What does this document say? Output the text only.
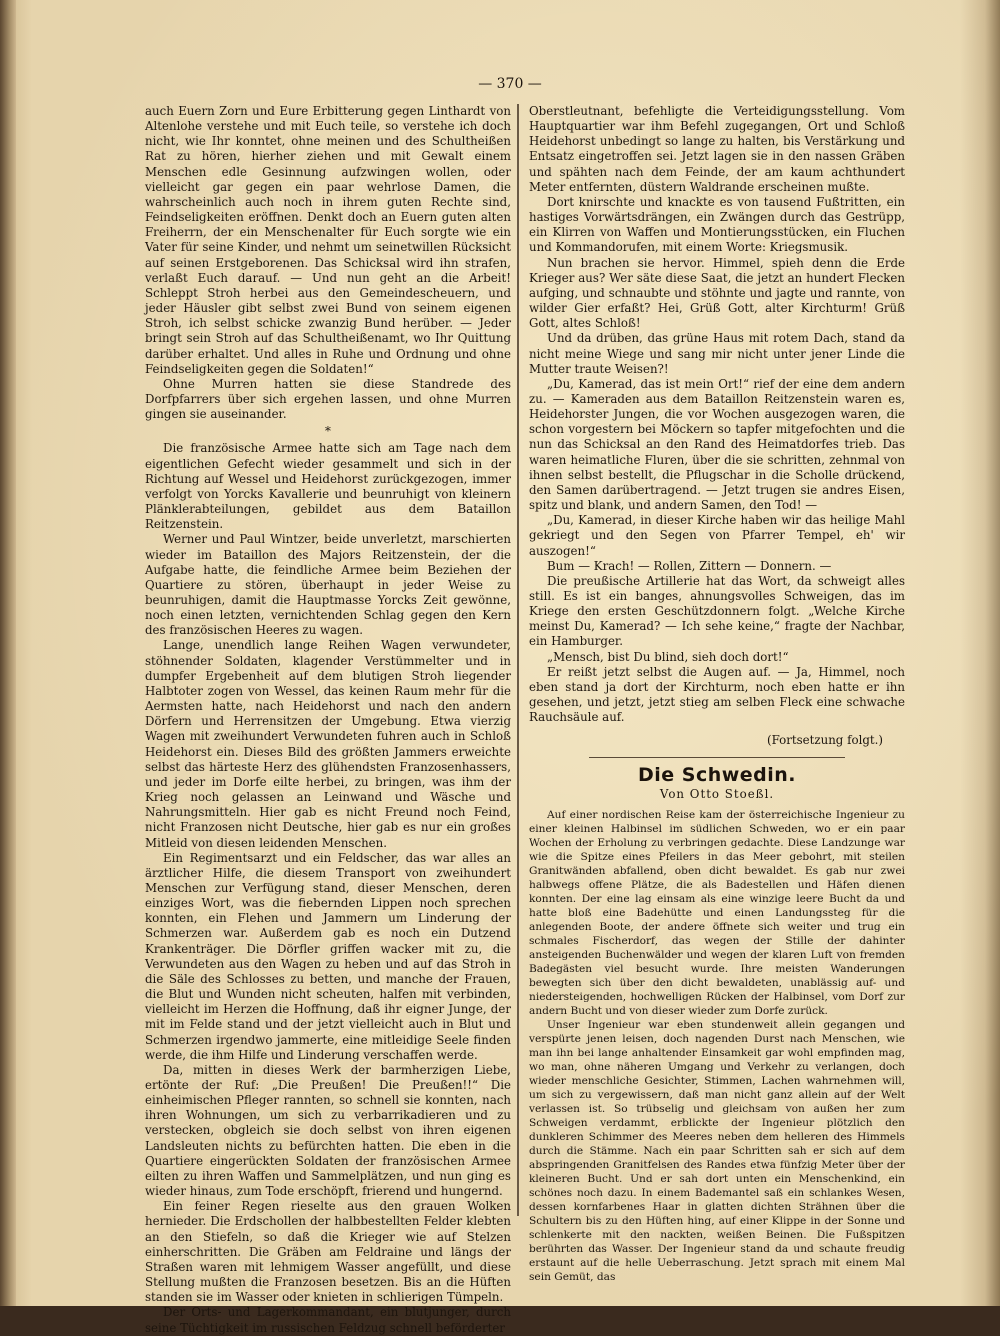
— 370 —

auch Euern Zorn und Eure Erbitterung gegen Linthardt von Altenlohe verstehe und mit Euch teile, so verstehe ich doch nicht, wie Ihr konntet, ohne meinen und des Schultheißen Rat zu hören, hierher ziehen und mit Gewalt einem Menschen edle Gesinnung aufzwingen wollen, oder vielleicht gar gegen ein paar wehrlose Damen, die wahrscheinlich auch noch in ihrem guten Rechte sind, Feindseligkeiten eröffnen. Denkt doch an Euern guten alten Freiherrn, der ein Menschenalter für Euch sorgte wie ein Vater für seine Kinder, und nehmt um seinetwillen Rücksicht auf seinen Erstgeborenen. Das Schicksal wird ihn strafen, verlaßt Euch darauf. — Und nun geht an die Arbeit! Schleppt Stroh herbei aus den Gemeindescheuern, und jeder Häusler gibt selbst zwei Bund von seinem eigenen Stroh, ich selbst schicke zwanzig Bund herüber. — Jeder bringt sein Stroh auf das Schultheißenamt, wo Ihr Quittung darüber erhaltet. Und alles in Ruhe und Ordnung und ohne Feindseligkeiten gegen die Soldaten!“

Ohne Murren hatten sie diese Standrede des Dorfpfarrers über sich ergehen lassen, und ohne Murren gingen sie auseinander.

*

Die französische Armee hatte sich am Tage nach dem eigentlichen Gefecht wieder gesammelt und sich in der Richtung auf Wessel und Heidehorst zurückgezogen, immer verfolgt von Yorcks Kavallerie und beunruhigt von kleinern Plänklerabteilungen, gebildet aus dem Bataillon Reitzenstein.

Werner und Paul Wintzer, beide unverletzt, marschierten wieder im Bataillon des Majors Reitzenstein, der die Aufgabe hatte, die feindliche Armee beim Beziehen der Quartiere zu stören, überhaupt in jeder Weise zu beunruhigen, damit die Hauptmasse Yorcks Zeit gewönne, noch einen letzten, vernichtenden Schlag gegen den Kern des französischen Heeres zu wagen.

Lange, unendlich lange Reihen Wagen verwundeter, stöhnender Soldaten, klagender Verstümmelter und in dumpfer Ergebenheit auf dem blutigen Stroh liegender Halbtoter zogen von Wessel, das keinen Raum mehr für die Aermsten hatte, nach Heidehorst und nach den andern Dörfern und Herrensitzen der Umgebung. Etwa vierzig Wagen mit zweihundert Verwundeten fuhren auch in Schloß Heidehorst ein. Dieses Bild des größten Jammers erweichte selbst das härteste Herz des glühendsten Franzosenhassers, und jeder im Dorfe eilte herbei, zu bringen, was ihm der Krieg noch gelassen an Leinwand und Wäsche und Nahrungsmitteln. Hier gab es nicht Freund noch Feind, nicht Franzosen nicht Deutsche, hier gab es nur ein großes Mitleid von diesen leidenden Menschen.

Ein Regimentsarzt und ein Feldscher, das war alles an ärztlicher Hilfe, die diesem Transport von zweihundert Menschen zur Verfügung stand, dieser Menschen, deren einziges Wort, was die fiebernden Lippen noch sprechen konnten, ein Flehen und Jammern um Linderung der Schmerzen war. Außerdem gab es noch ein Dutzend Krankenträger. Die Dörfler griffen wacker mit zu, die Verwundeten aus den Wagen zu heben und auf das Stroh in die Säle des Schlosses zu betten, und manche der Frauen, die Blut und Wunden nicht scheuten, halfen mit verbinden, vielleicht im Herzen die Hoffnung, daß ihr eigner Junge, der mit im Felde stand und der jetzt vielleicht auch in Blut und Schmerzen irgendwo jammerte, eine mitleidige Seele finden werde, die ihm Hilfe und Linderung verschaffen werde.

Da, mitten in dieses Werk der barmherzigen Liebe, ertönte der Ruf: „Die Preußen! Die Preußen!!“ Die einheimischen Pfleger rannten, so schnell sie konnten, nach ihren Wohnungen, um sich zu verbarrikadieren und zu verstecken, obgleich sie doch selbst von ihren eigenen Landsleuten nichts zu befürchten hatten. Die eben in die Quartiere eingerückten Soldaten der französischen Armee eilten zu ihren Waffen und Sammelplätzen, und nun ging es wieder hinaus, zum Tode erschöpft, frierend und hungernd.

Ein feiner Regen rieselte aus den grauen Wolken hernieder. Die Erdschollen der halbbestellten Felder klebten an den Stiefeln, so daß die Krieger wie auf Stelzen einherschritten. Die Gräben am Feldraine und längs der Straßen waren mit lehmigem Wasser angefüllt, und diese Stellung mußten die Franzosen besetzen. Bis an die Hüften standen sie im Wasser oder knieten in schlierigen Tümpeln.

Der Orts- und Lagerkommandant, ein blutjunger, durch seine Tüchtigkeit im russischen Feldzug schnell beförderter

Oberstleutnant, befehligte die Verteidigungsstellung. Vom Hauptquartier war ihm Befehl zugegangen, Ort und Schloß Heidehorst unbedingt so lange zu halten, bis Verstärkung und Entsatz eingetroffen sei. Jetzt lagen sie in den nassen Gräben und spähten nach dem Feinde, der am kaum achthundert Meter entfernten, düstern Waldrande erscheinen mußte.

Dort knirschte und knackte es von tausend Fußtritten, ein hastiges Vorwärtsdrängen, ein Zwängen durch das Gestrüpp, ein Klirren von Waffen und Montierungsstücken, ein Fluchen und Kommandorufen, mit einem Worte: Kriegsmusik.

Nun brachen sie hervor. Himmel, spieh denn die Erde Krieger aus? Wer säte diese Saat, die jetzt an hundert Flecken aufging, und schnaubte und stöhnte und jagte und rannte, von wilder Gier erfaßt? Hei, Grüß Gott, alter Kirchturm! Grüß Gott, altes Schloß!

Und da drüben, das grüne Haus mit rotem Dach, stand da nicht meine Wiege und sang mir nicht unter jener Linde die Mutter traute Weisen?!

„Du, Kamerad, das ist mein Ort!“ rief der eine dem andern zu. — Kameraden aus dem Bataillon Reitzenstein waren es, Heidehorster Jungen, die vor Wochen ausgezogen waren, die schon vorgestern bei Möckern so tapfer mitgefochten und die nun das Schicksal an den Rand des Heimatdorfes trieb. Das waren heimatliche Fluren, über die sie schritten, zehnmal von ihnen selbst bestellt, die Pflugschar in die Scholle drückend, den Samen darübertragend. — Jetzt trugen sie andres Eisen, spitz und blank, und andern Samen, den Tod! —

„Du, Kamerad, in dieser Kirche haben wir das heilige Mahl gekriegt und den Segen von Pfarrer Tempel, eh' wir auszogen!“

Bum — Krach! — Rollen, Zittern — Donnern. —

Die preußische Artillerie hat das Wort, da schweigt alles still. Es ist ein banges, ahnungsvolles Schweigen, das im Kriege den ersten Geschützdonnern folgt. „Welche Kirche meinst Du, Kamerad? — Ich sehe keine,“ fragte der Nachbar, ein Hamburger.

„Mensch, bist Du blind, sieh doch dort!“

Er reißt jetzt selbst die Augen auf. — Ja, Himmel, noch eben stand ja dort der Kirchturm, noch eben hatte er ihn gesehen, und jetzt, jetzt stieg am selben Fleck eine schwache Rauchsäule auf.

(Fortsetzung folgt.)
Die Schwedin.
Von Otto Stoeßl.

Auf einer nordischen Reise kam der österreichische Ingenieur zu einer kleinen Halbinsel im südlichen Schweden, wo er ein paar Wochen der Erholung zu verbringen gedachte. Diese Landzunge war wie die Spitze eines Pfeilers in das Meer gebohrt, mit steilen Granitwänden abfallend, oben dicht bewaldet. Es gab nur zwei halbwegs offene Plätze, die als Badestellen und Häfen dienen konnten. Der eine lag einsam als eine winzige leere Bucht da und hatte bloß eine Badehütte und einen Landungssteg für die anlegenden Boote, der andere öffnete sich weiter und trug ein schmales Fischerdorf, das wegen der Stille der dahinter ansteigenden Buchenwälder und wegen der klaren Luft von fremden Badegästen viel besucht wurde. Ihre meisten Wanderungen bewegten sich über den dicht bewaldeten, unablässig auf- und niedersteigenden, hochwelligen Rücken der Halbinsel, vom Dorf zur andern Bucht und von dieser wieder zum Dorfe zurück.

Unser Ingenieur war eben stundenweit allein gegangen und verspürte jenen leisen, doch nagenden Durst nach Menschen, wie man ihn bei lange anhaltender Einsamkeit gar wohl empfinden mag, wo man, ohne näheren Umgang und Verkehr zu verlangen, doch wieder menschliche Gesichter, Stimmen, Lachen wahrnehmen will, um sich zu vergewissern, daß man nicht ganz allein auf der Welt verlassen ist. So trübselig und gleichsam von außen her zum Schweigen verdammt, erblickte der Ingenieur plötzlich den dunkleren Schimmer des Meeres neben dem helleren des Himmels durch die Stämme. Nach ein paar Schritten sah er sich auf dem abspringenden Granitfelsen des Randes etwa fünfzig Meter über der kleineren Bucht. Und er sah dort unten ein Menschenkind, ein schönes noch dazu. In einem Bademantel saß ein schlankes Wesen, dessen kornfarbenes Haar in glatten dichten Strähnen über die Schultern bis zu den Hüften hing, auf einer Klippe in der Sonne und schlenkerte mit den nackten, weißen Beinen. Die Fußspitzen berührten das Wasser. Der Ingenieur stand da und schaute freudig erstaunt auf die helle Ueberraschung. Jetzt sprach mit einem Mal sein Gemüt, das
